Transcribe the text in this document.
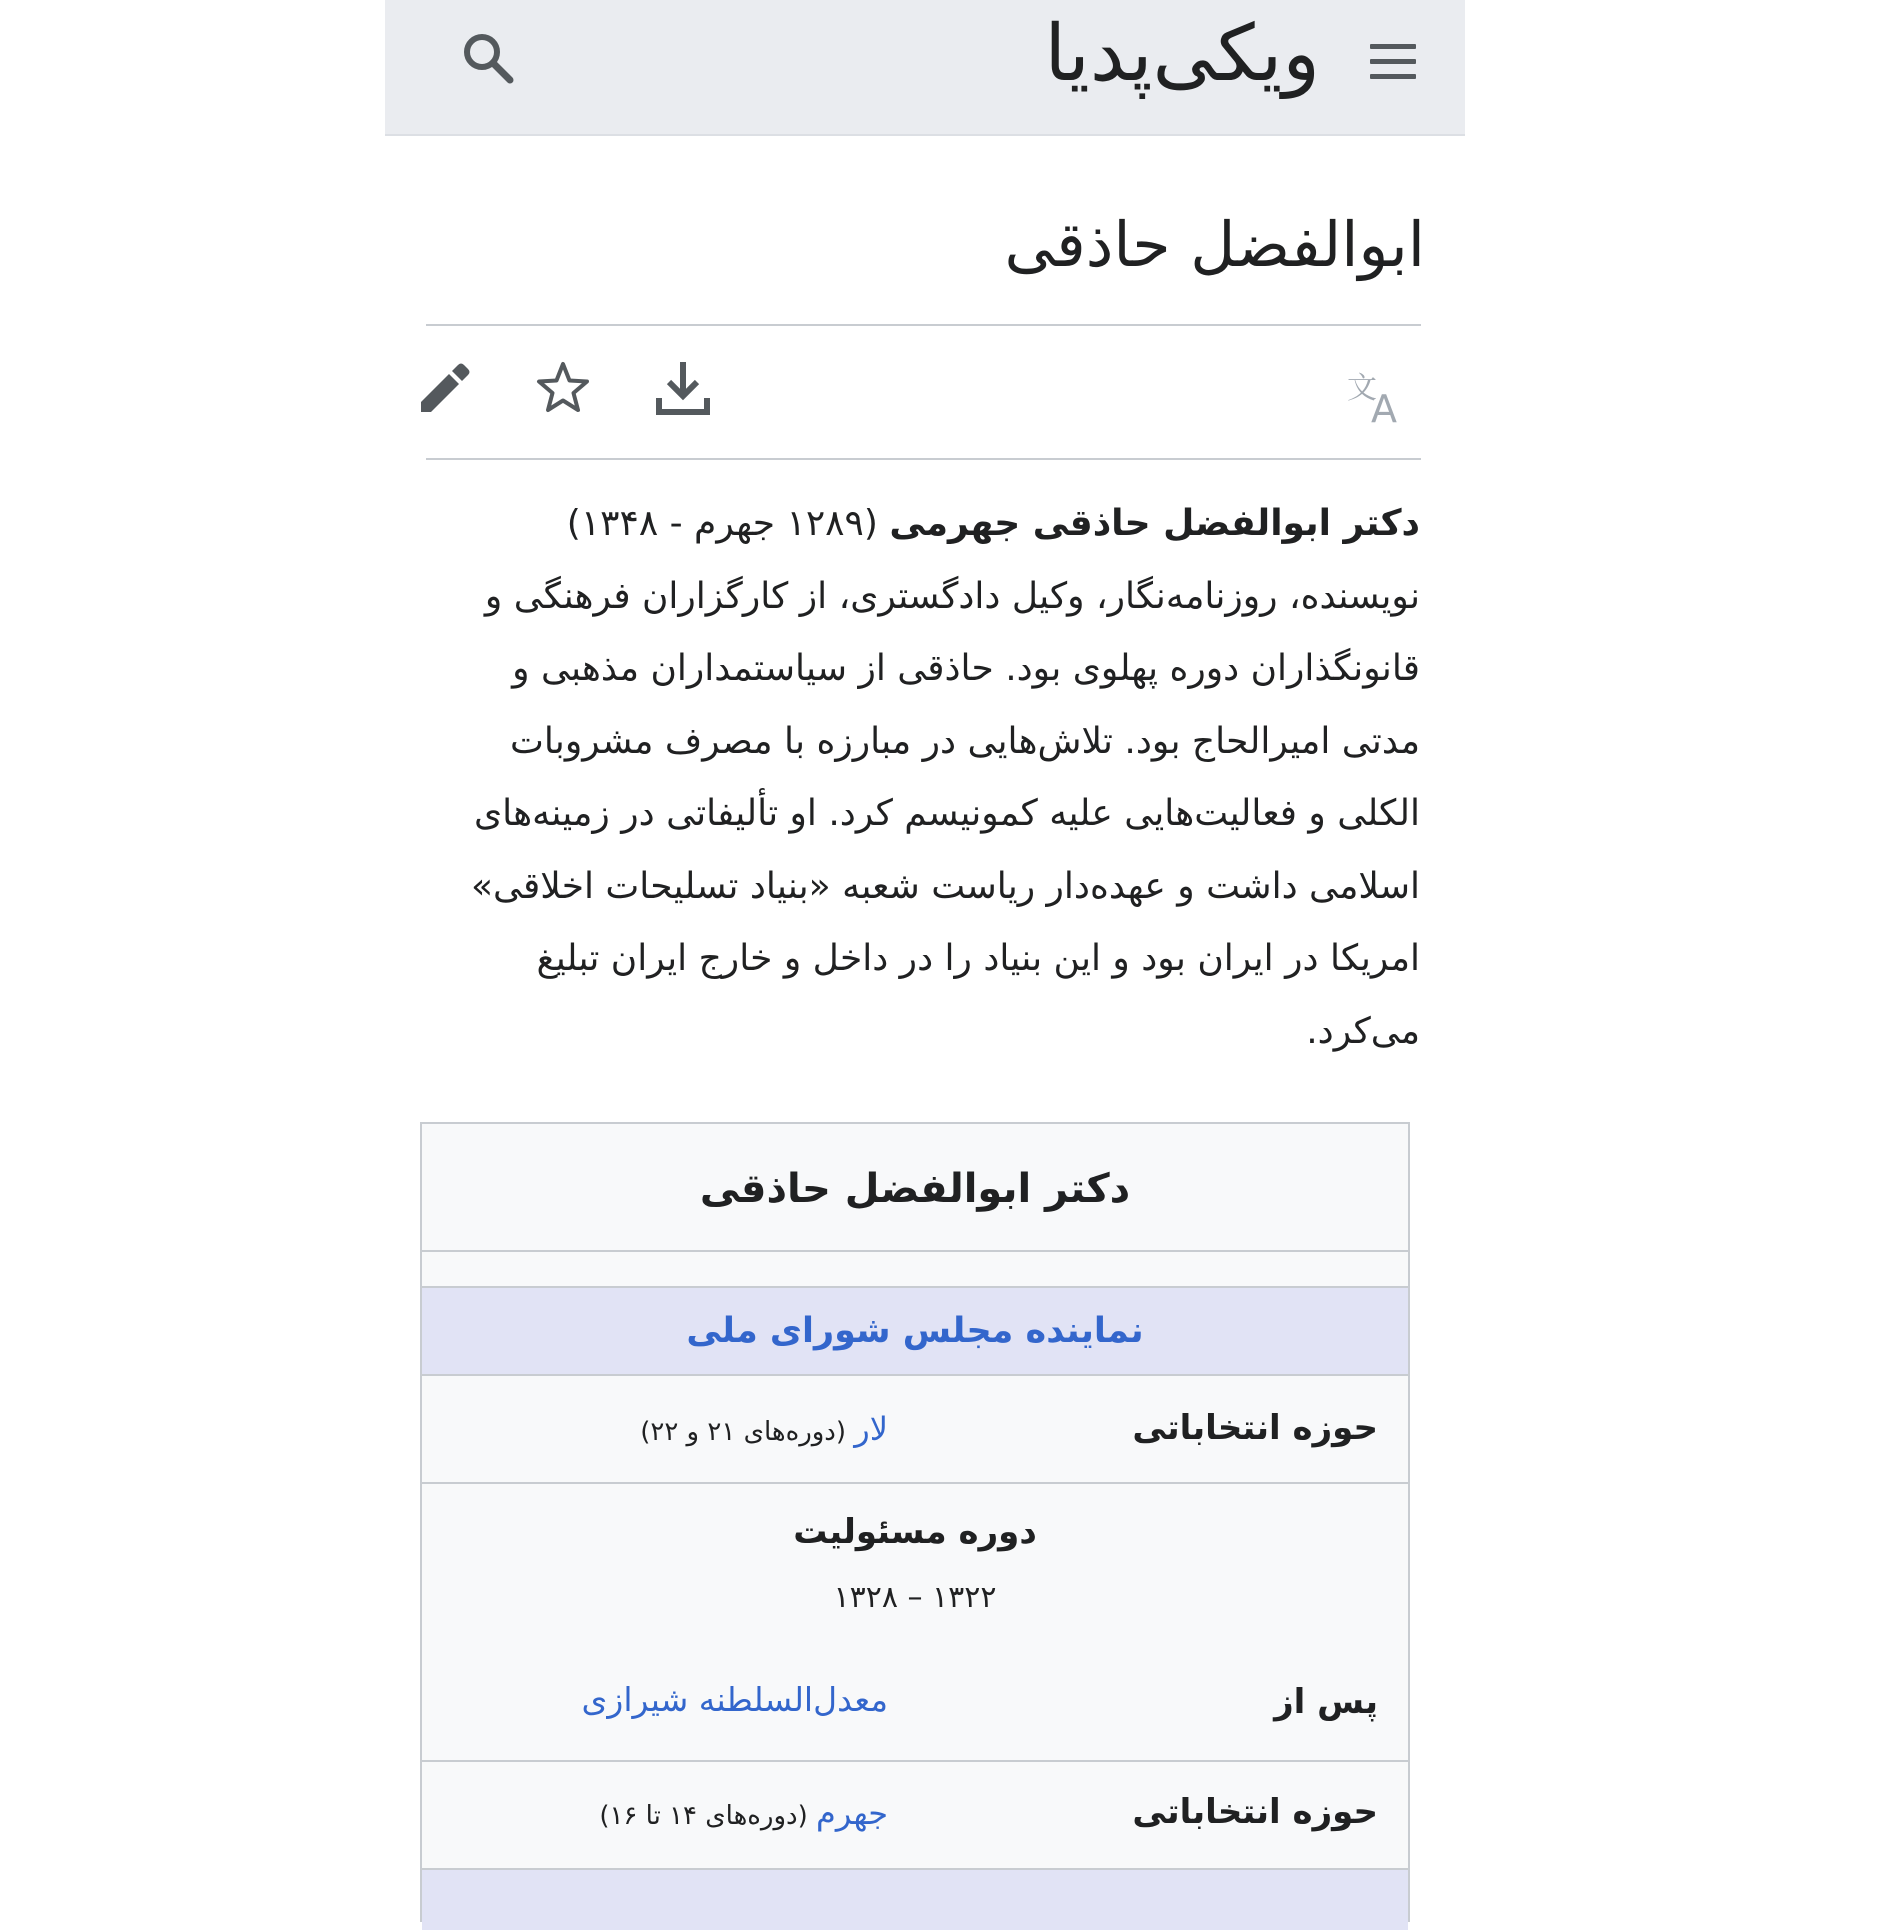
ویکی‌پدیا
ابوالفضل حاذقی
文
A

دکتر ابوالفضل حاذقی جهرمی (۱۲۸۹ جهرم - ۱۳۴۸) نویسنده، روزنامه‌نگار، وکیل دادگستری، از کارگزاران فرهنگی و قانونگذاران دوره پهلوی بود. حاذقی از سیاستمداران مذهبی و مدتی امیرالحاج بود. تلاش‌هایی در مبارزه با مصرف مشروبات الکلی و فعالیت‌هایی علیه کمونیسم کرد. او تألیفاتی در زمینه‌های اسلامی داشت و عهده‌دار ریاست شعبه «بنیاد تسلیحات اخلاقی» امریکا در ایران بود و این بنیاد را در داخل و خارج ایران تبلیغ می‌کرد.

دکتر ابوالفضل حاذقی
نماینده مجلس شورای ملی
حوزه انتخاباتی
لار (دوره‌های ۲۱ و ۲۲)
دوره مسئولیت
۱۳۲۲ – ۱۳۲۸
پس از
معدل‌السلطنه شیرازی
حوزه انتخاباتی
جهرم (دوره‌های ۱۴ تا ۱۶)
